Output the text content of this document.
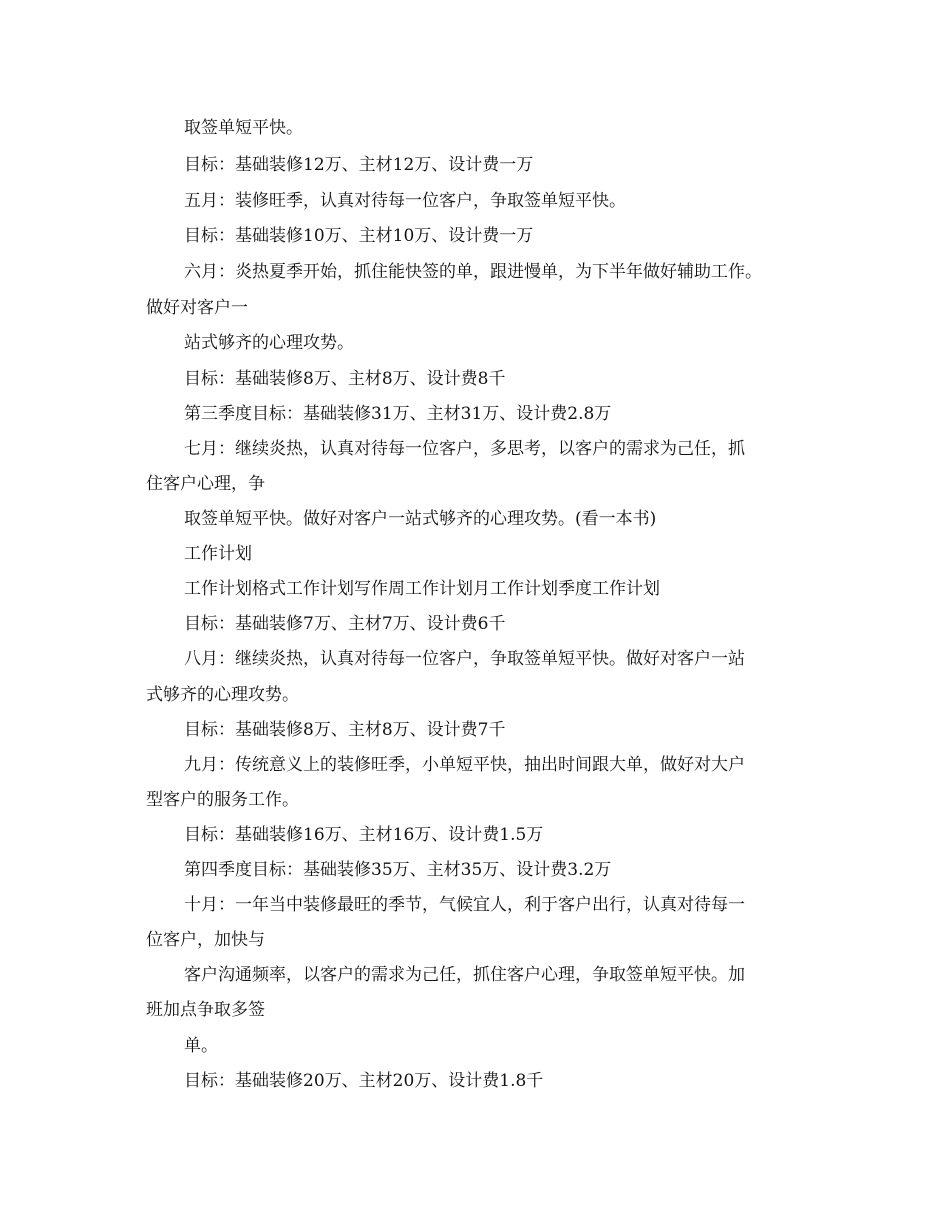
取签单短平快。
目标：基础装修12万、主材12万、设计费一万
五月：装修旺季，认真对待每一位客户，争取签单短平快。
目标：基础装修10万、主材10万、设计费一万
六月：炎热夏季开始，抓住能快签的单，跟进慢单，为下半年做好辅助工作。
做好对客户一
站式够齐的心理攻势。
目标：基础装修8万、主材8万、设计费8千
第三季度目标：基础装修31万、主材31万、设计费2.8万
七月：继续炎热，认真对待每一位客户，多思考，以客户的需求为己任，抓
住客户心理，争
取签单短平快。做好对客户一站式够齐的心理攻势。(看一本书)
工作计划
工作计划格式工作计划写作周工作计划月工作计划季度工作计划
目标：基础装修7万、主材7万、设计费6千
八月：继续炎热，认真对待每一位客户，争取签单短平快。做好对客户一站
式够齐的心理攻势。
目标：基础装修8万、主材8万、设计费7千
九月：传统意义上的装修旺季，小单短平快，抽出时间跟大单，做好对大户
型客户的服务工作。
目标：基础装修16万、主材16万、设计费1.5万
第四季度目标：基础装修35万、主材35万、设计费3.2万
十月：一年当中装修最旺的季节，气候宜人，利于客户出行，认真对待每一
位客户，加快与
客户沟通频率，以客户的需求为己任，抓住客户心理，争取签单短平快。加
班加点争取多签
单。
目标：基础装修20万、主材20万、设计费1.8千
